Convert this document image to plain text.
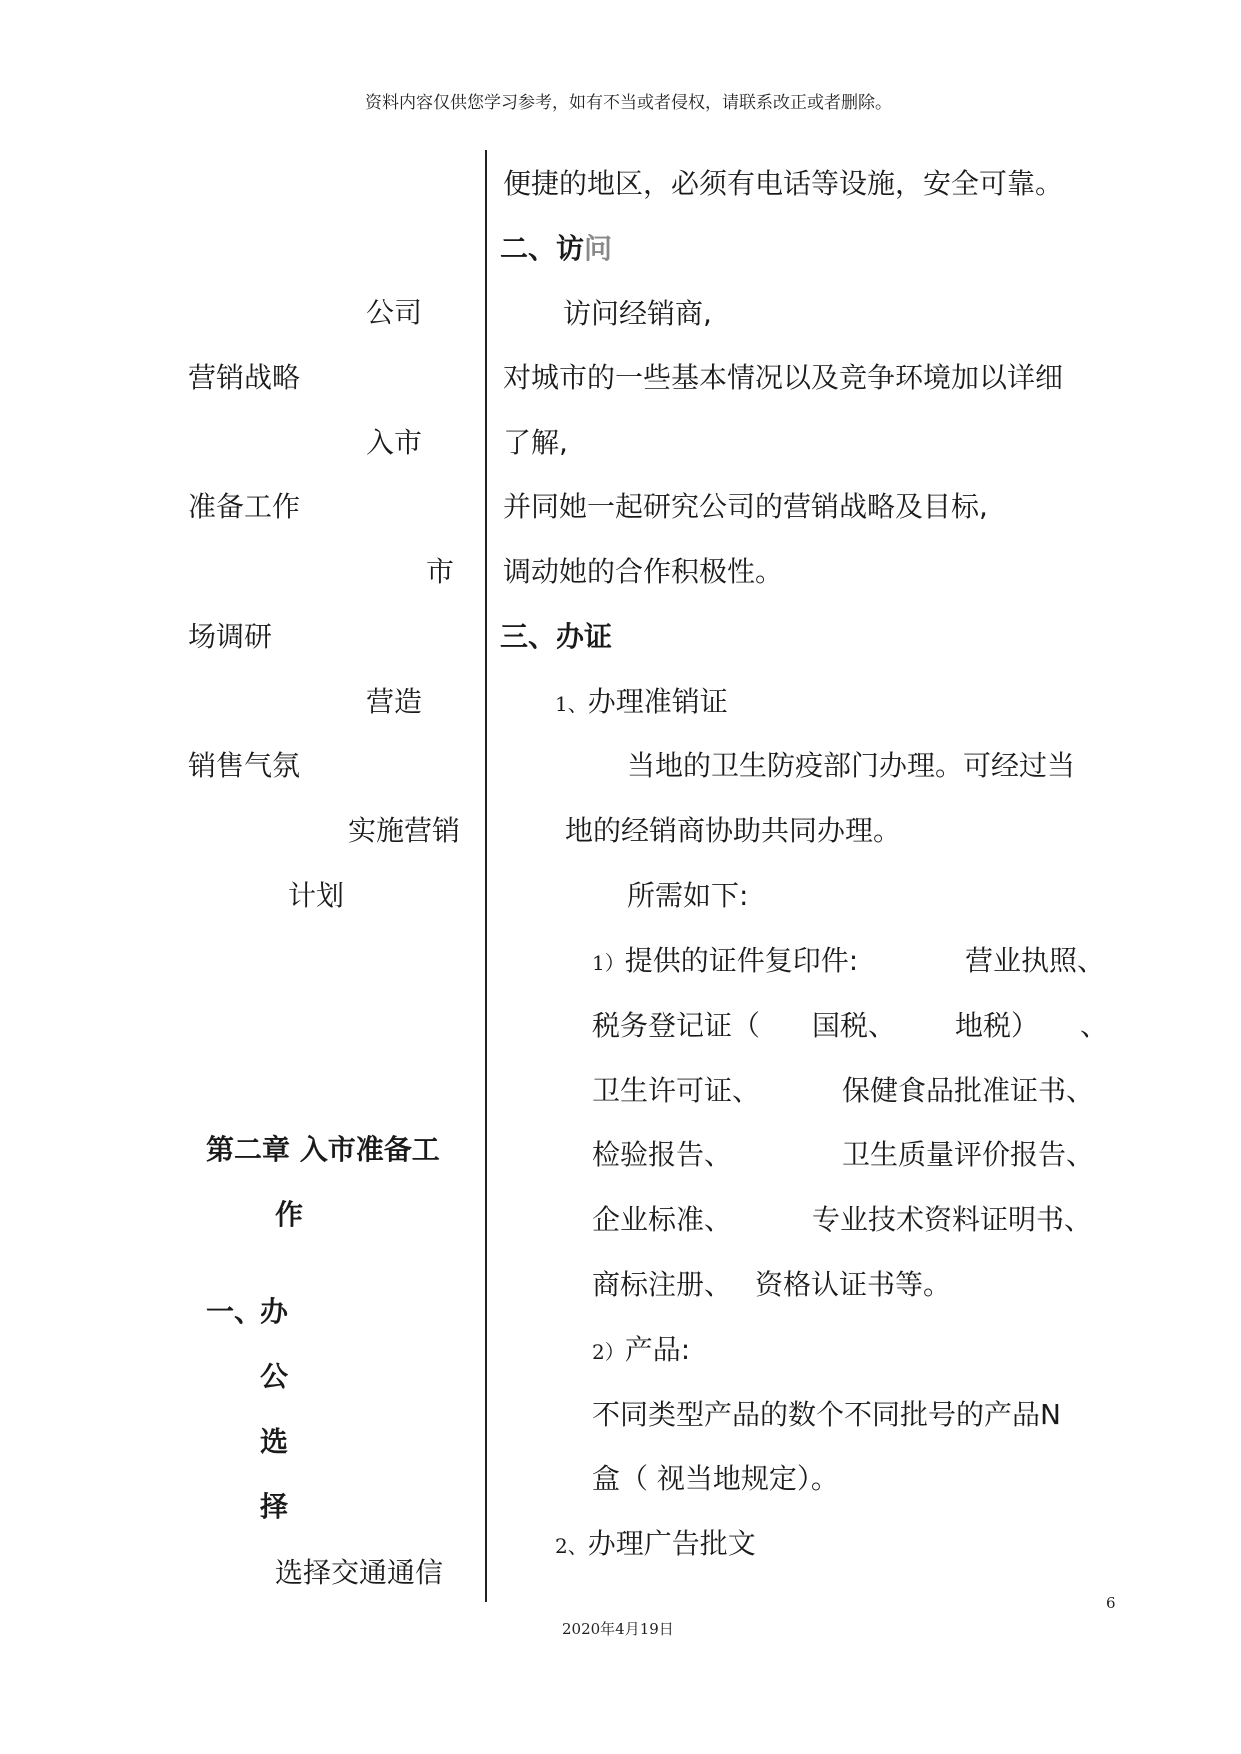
资料内容仅供您学习参考，如有不当或者侵权，请联系改正或者删除。
公司
营销战略
入市
准备工作
市
场调研
营造
销售气氛
实施营销
计划
第二章 入市准备工
作
一、
办
公
选
择
选择交通通信
便捷的地区，必须有电话等设施，安全可靠。
二、访问
访问经销商,
对城市的一些基本情况以及竞争环境加以详细
了解,
并同她一起研究公司的营销战略及目标,
调动她的合作积极性。
三、办证
1、办理准销证
当地的卫生防疫部门办理。可经过当
地的经销商协助共同办理。
所需如下:
1）提供的证件复印件:	营业执照、
税务登记证（ 国税、 地税） 、
卫生许可证、	保健食品批准证书、
检验报告、	卫生质量评价报告、
企业标准、	专业技术资料证明书、
商标注册、 资格认证书等。
2）产品:
不同类型产品的数个不同批号的产品N
盒（ 视当地规定）。
2、办理广告批文
6
2020年4月19日
